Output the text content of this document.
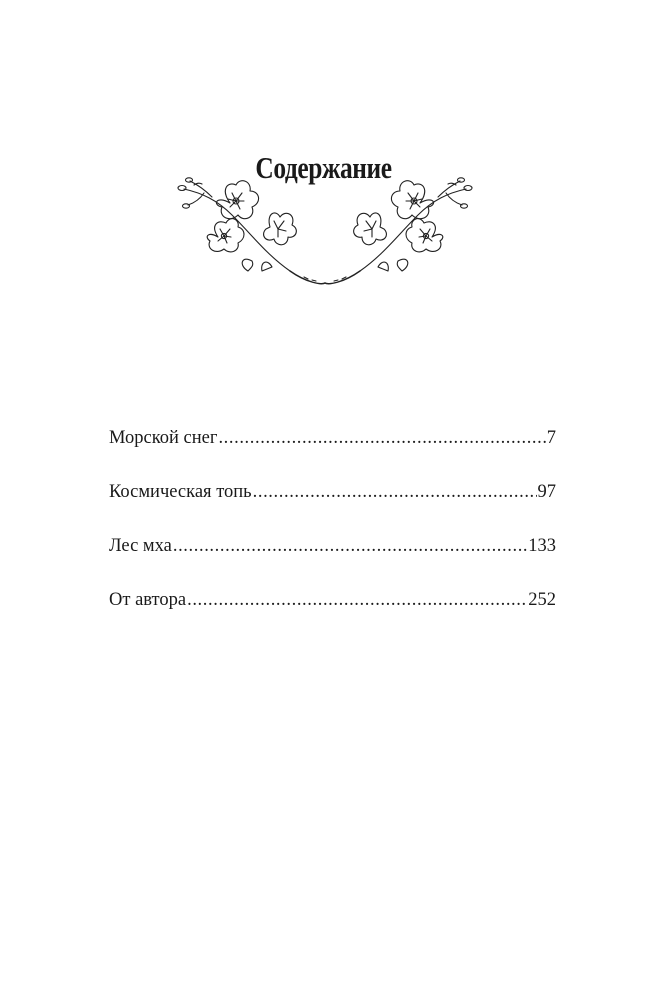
Содержание
Морской снег .....	7
Космическая топь .....	97
Лес мха .....	133
От автора .....	252
